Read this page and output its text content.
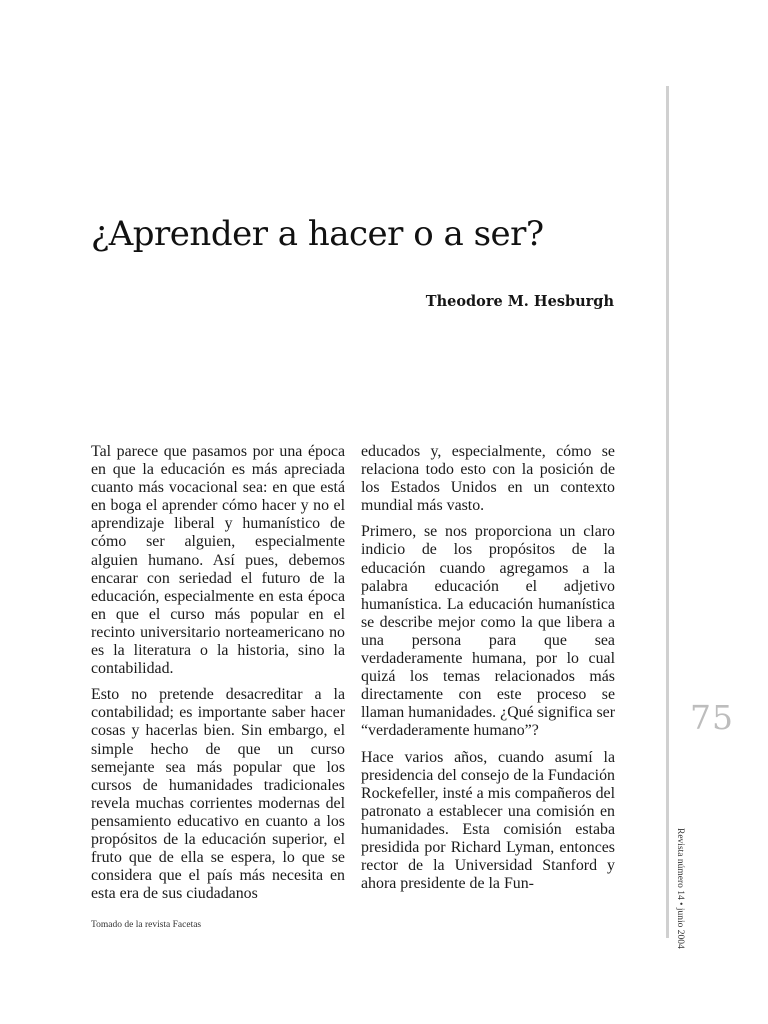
¿Aprender a hacer o a ser?
Theodore M. Hesburgh

Tal parece que pasamos por una época en que la educación es más apreciada cuanto más vocacional sea: en que está en boga el aprender cómo hacer y no el aprendizaje liberal y humanístico de cómo ser alguien, especialmente alguien humano. Así pues, debemos encarar con seriedad el futuro de la educación, especialmente en esta época en que el curso más popular en el recinto universitario norteamericano no es la literatura o la historia, sino la contabilidad.

Esto no pretende desacreditar a la contabilidad; es importante saber hacer cosas y hacerlas bien. Sin embargo, el simple hecho de que un curso semejante sea más popular que los cursos de humanidades tradicionales revela muchas corrientes modernas del pensamiento educativo en cuanto a los propósitos de la educación superior, el fruto que de ella se espera, lo que se considera que el país más necesita en esta era de sus ciudadanos

educados y, especialmente, cómo se relaciona todo esto con la posición de los Estados Unidos en un contexto mundial más vasto.

Primero, se nos proporciona un claro indicio de los propósitos de la educación cuando agregamos a la palabra educación el adjetivo humanística. La educación humanística se describe mejor como la que libera a una persona para que sea verdaderamente humana, por lo cual quizá los temas relacionados más directamente con este proceso se llaman humanidades. ¿Qué significa ser “verdaderamente humano”?

Hace varios años, cuando asumí la presidencia del consejo de la Fundación Rockefeller, insté a mis compañeros del patronato a establecer una comisión en humanidades. Esta comisión estaba presidida por Richard Lyman, entonces rector de la Universidad Stanford y ahora presidente de la Fun-

75
Revista número 14 • junio 2004
Tomado de la revista Facetas
